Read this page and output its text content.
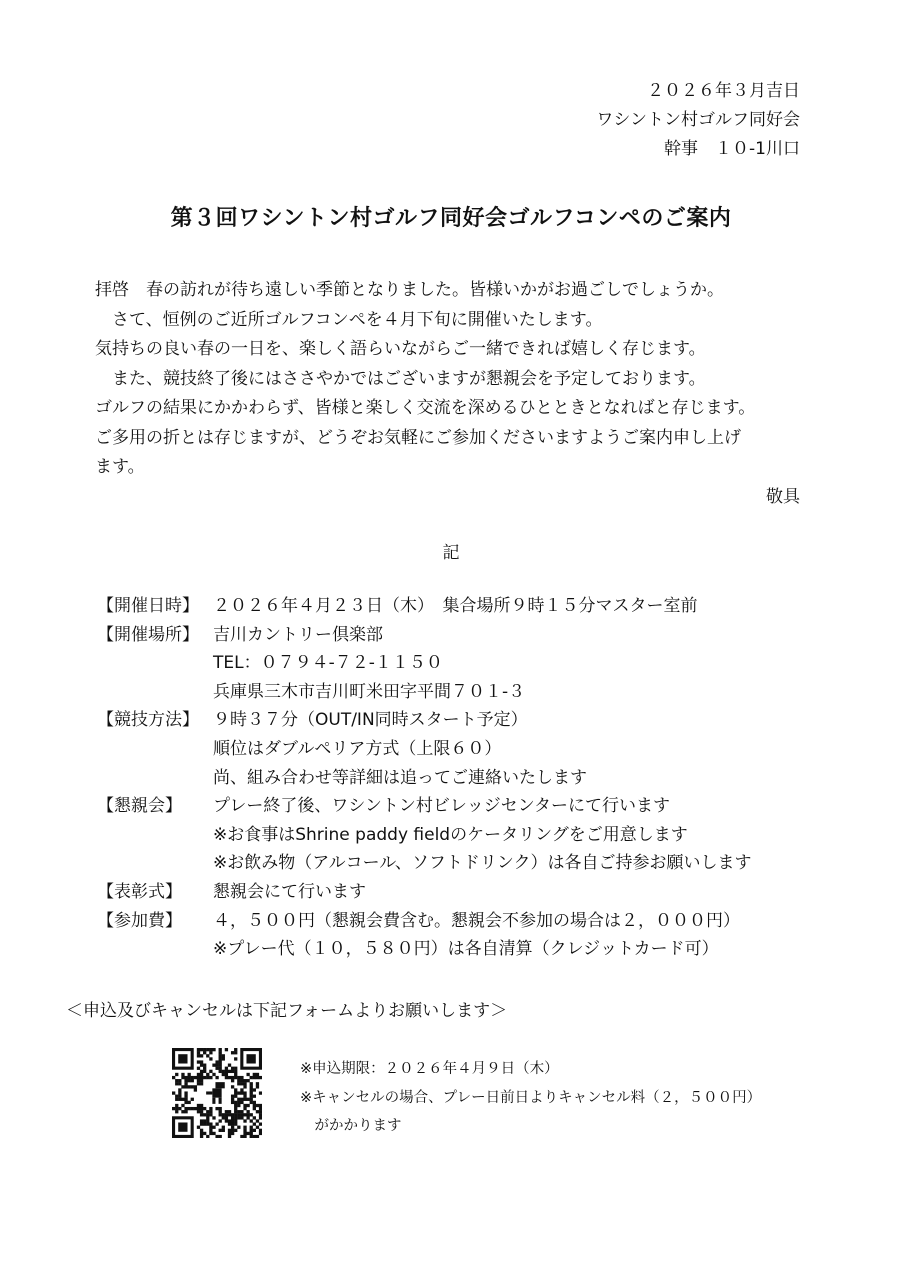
２０２６年３月吉日
ワシントン村ゴルフ同好会
幹事　１０-1川口
第３回ワシントン村ゴルフ同好会ゴルフコンペのご案内

拝啓　春の訪れが待ち遠しい季節となりました。皆様いかがお過ごしでしょうか。

　さて、恒例のご近所ゴルフコンペを４月下旬に開催いたします。

気持ちの良い春の一日を、楽しく語らいながらご一緒できれば嬉しく存じます。

　また、競技終了後にはささやかではございますが懇親会を予定しております。

ゴルフの結果にかかわらず、皆様と楽しく交流を深めるひとときとなればと存じます。

ご多用の折とは存じますが、どうぞお気軽にご参加くださいますようご案内申し上げ

ます。

敬具
記
【開催日時】 ２０２６年４月２３日（木）　集合場所９時１５分マスター室前
【開催場所】 吉川カントリー倶楽部
TEL：０７９４-７２-１１５０
兵庫県三木市吉川町米田字平間７０１-３
【競技方法】 ９時３７分（OUT/IN同時スタート予定）
順位はダブルペリア方式（上限６０）
尚、組み合わせ等詳細は追ってご連絡いたします
【懇親会】	プレー終了後、ワシントン村ビレッジセンターにて行います
※お食事はShrine paddy fieldのケータリングをご用意します
※お飲み物（アルコール、ソフトドリンク）は各自ご持参お願いします
【表彰式】	懇親会にて行います
【参加費】	４，５００円（懇親会費含む。懇親会不参加の場合は２，０００円）
※プレー代（１０，５８０円）は各自清算（クレジットカード可）
＜申込及びキャンセルは下記フォームよりお願いします＞
※申込期限：２０２６年４月９日（木）
※キャンセルの場合、プレー日前日よりキャンセル料（２，５００円）
　がかかります
